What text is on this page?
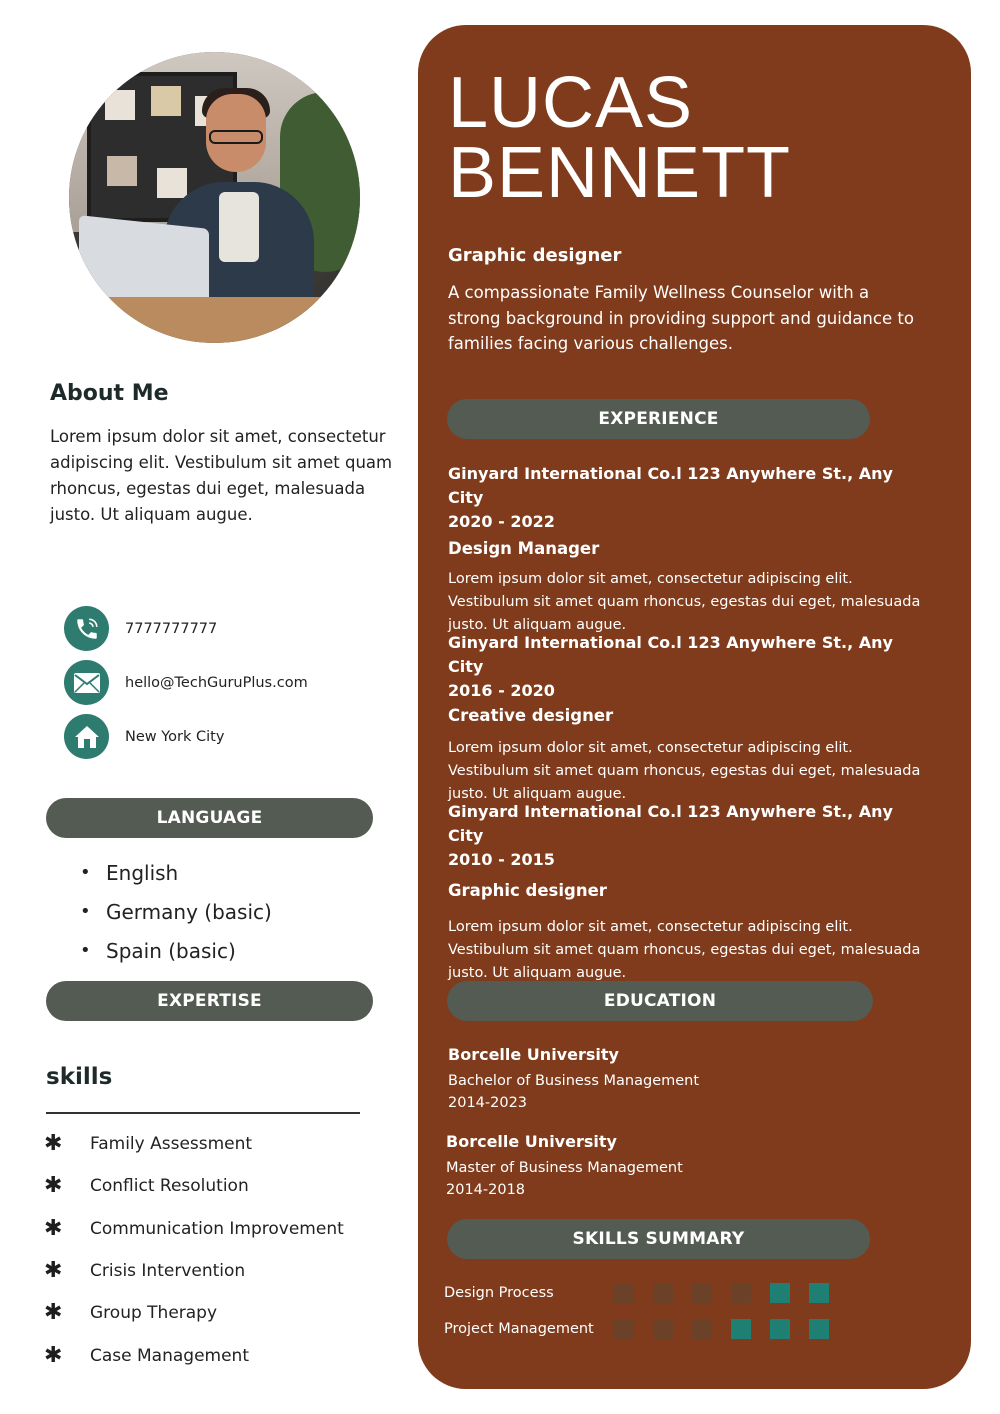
About Me
Lorem ipsum dolor sit amet, consectetur adipiscing elit. Vestibulum sit amet quam rhoncus, egestas dui eget, malesuada justo. Ut aliquam augue.
7777777777
hello@TechGuruPlus.com
New York City
LANGUAGE
• English
• Germany (basic)
• Spain (basic)
EXPERTISE
skills
✱	Family Assessment
✱	Conflict Resolution
✱	Communication Improvement
✱	Crisis Intervention
✱	Group Therapy
✱	Case Management
LUCAS
BENNETT
Graphic designer
A compassionate Family Wellness Counselor with a strong background in providing support and guidance to families facing various challenges.
EXPERIENCE
Ginyard International Co.l 123 Anywhere St., Any City
2020 - 2022
Design Manager
Lorem ipsum dolor sit amet, consectetur adipiscing elit. Vestibulum sit amet quam rhoncus, egestas dui eget, malesuada justo. Ut aliquam augue.
Ginyard International Co.l 123 Anywhere St., Any City
2016 - 2020
Creative designer
Lorem ipsum dolor sit amet, consectetur adipiscing elit. Vestibulum sit amet quam rhoncus, egestas dui eget, malesuada justo. Ut aliquam augue.
Ginyard International Co.l 123 Anywhere St., Any City
2010 - 2015
Graphic designer
Lorem ipsum dolor sit amet, consectetur adipiscing elit. Vestibulum sit amet quam rhoncus, egestas dui eget, malesuada justo. Ut aliquam augue.
EDUCATION
Borcelle University
Bachelor of Business Management
2014-2023
Borcelle University
Master of Business Management
2014-2018
SKILLS SUMMARY
Design Process
Project Management
